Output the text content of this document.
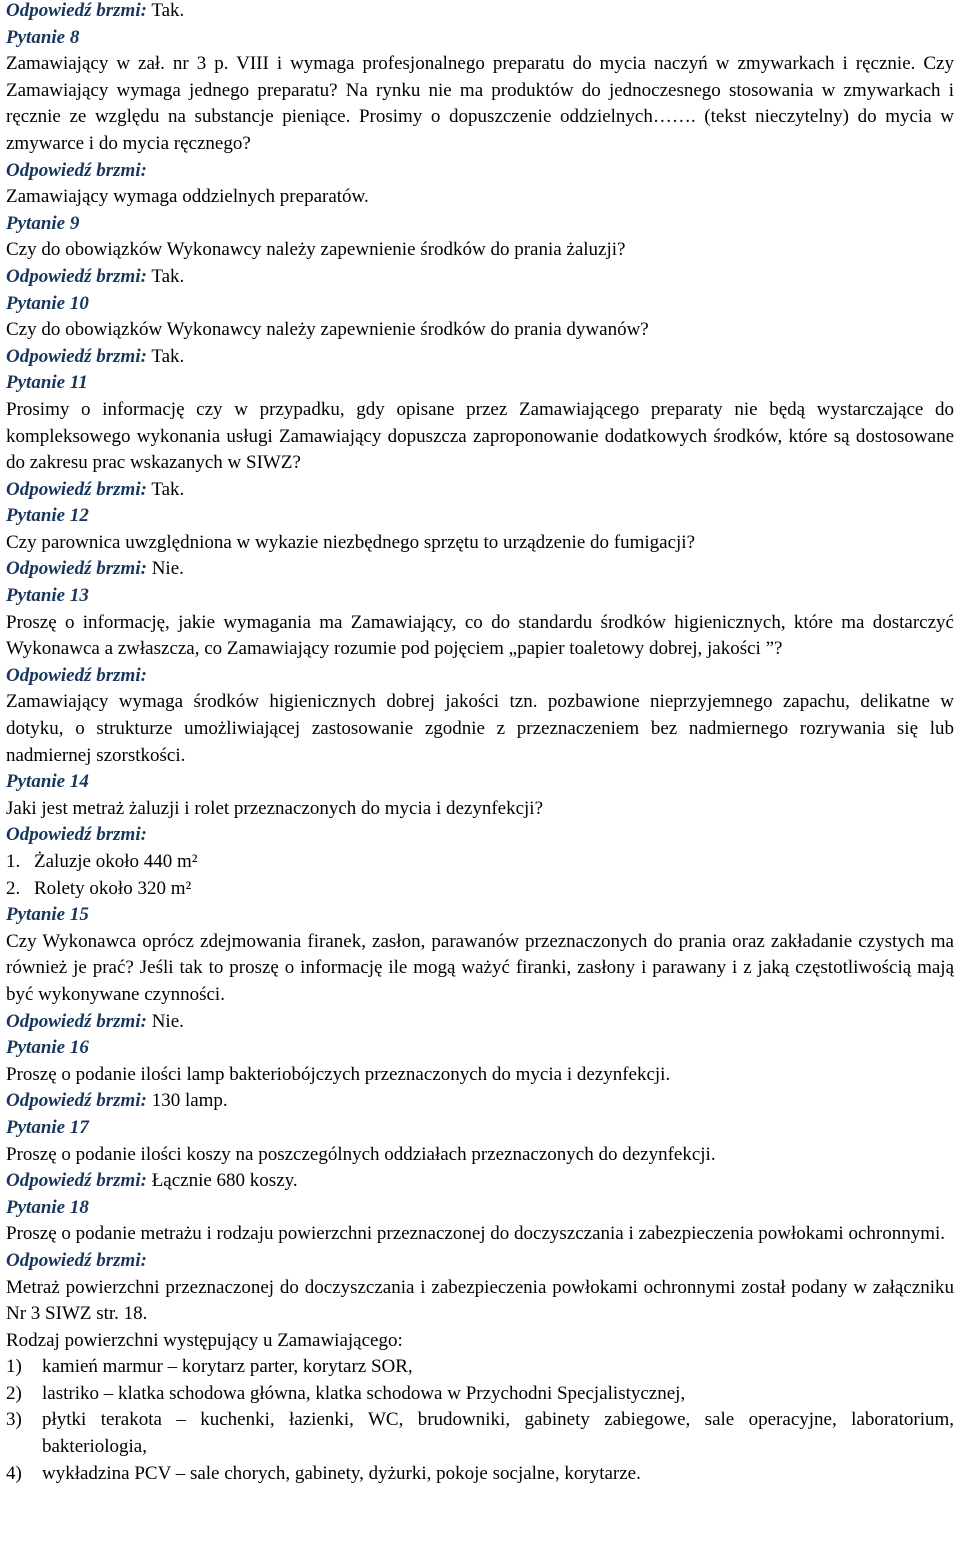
Odpowiedź brzmi: Tak.

Pytanie 8

Zamawiający w zał. nr 3 p. VIII i wymaga profesjonalnego preparatu do mycia naczyń w zmywarkach i ręcznie. Czy Zamawiający wymaga jednego preparatu? Na rynku nie ma produktów do jednoczesnego stosowania w zmywarkach i ręcznie ze względu na substancje pieniące. Prosimy o dopuszczenie oddzielnych……. (tekst nieczytelny) do mycia w zmywarce i do mycia ręcznego?

Odpowiedź brzmi:

Zamawiający wymaga oddzielnych preparatów.

Pytanie 9

Czy do obowiązków Wykonawcy należy zapewnienie środków do prania żaluzji?

Odpowiedź brzmi: Tak.

Pytanie 10

Czy do obowiązków Wykonawcy należy zapewnienie środków do prania dywanów?

Odpowiedź brzmi: Tak.

Pytanie 11

Prosimy o informację czy w przypadku, gdy opisane przez Zamawiającego preparaty nie będą wystarczające do kompleksowego wykonania usługi Zamawiający dopuszcza zaproponowanie dodatkowych środków, które są dostosowane do zakresu prac wskazanych w SIWZ?

Odpowiedź brzmi: Tak.

Pytanie 12

Czy parownica uwzględniona w wykazie niezbędnego sprzętu to urządzenie do fumigacji?

Odpowiedź brzmi: Nie.

Pytanie 13

Proszę o informację, jakie wymagania ma Zamawiający, co do standardu środków higienicznych, które ma dostarczyć Wykonawca a zwłaszcza, co Zamawiający rozumie pod pojęciem „papier toaletowy dobrej, jakości ”?

Odpowiedź brzmi:

Zamawiający wymaga środków higienicznych dobrej jakości tzn. pozbawione nieprzyjemnego zapachu, delikatne w dotyku, o strukturze umożliwiającej zastosowanie zgodnie z przeznaczeniem bez nadmiernego rozrywania się lub nadmiernej szorstkości.

Pytanie 14

Jaki jest metraż żaluzji i rolet przeznaczonych do mycia i dezynfekcji?

Odpowiedź brzmi:

1. Żaluzje około 440 m²
2. Rolety około 320 m²

Pytanie 15

Czy Wykonawca oprócz zdejmowania firanek, zasłon, parawanów przeznaczonych do prania oraz zakładanie czystych ma również je prać? Jeśli tak to proszę o informację ile mogą ważyć firanki, zasłony i parawany i z jaką częstotliwością mają być wykonywane czynności.

Odpowiedź brzmi: Nie.

Pytanie 16

Proszę o podanie ilości lamp bakteriobójczych przeznaczonych do mycia i dezynfekcji.

Odpowiedź brzmi: 130 lamp.

Pytanie 17

Proszę o podanie ilości koszy na poszczególnych oddziałach przeznaczonych do dezynfekcji.

Odpowiedź brzmi: Łącznie 680 koszy.

Pytanie 18

Proszę o podanie metrażu i rodzaju powierzchni przeznaczonej do doczyszczania i zabezpieczenia powłokami ochronnymi.

Odpowiedź brzmi:

Metraż powierzchni przeznaczonej do doczyszczania i zabezpieczenia powłokami ochronnymi został podany w załączniku Nr 3 SIWZ str. 18.

Rodzaj powierzchni występujący u Zamawiającego:

1) kamień marmur – korytarz parter, korytarz SOR,
2) lastriko – klatka schodowa główna, klatka schodowa w Przychodni Specjalistycznej,
3) płytki terakota – kuchenki, łazienki, WC, brudowniki, gabinety zabiegowe, sale operacyjne, laboratorium, bakteriologia,
4) wykładzina PCV – sale chorych, gabinety, dyżurki, pokoje socjalne, korytarze.
